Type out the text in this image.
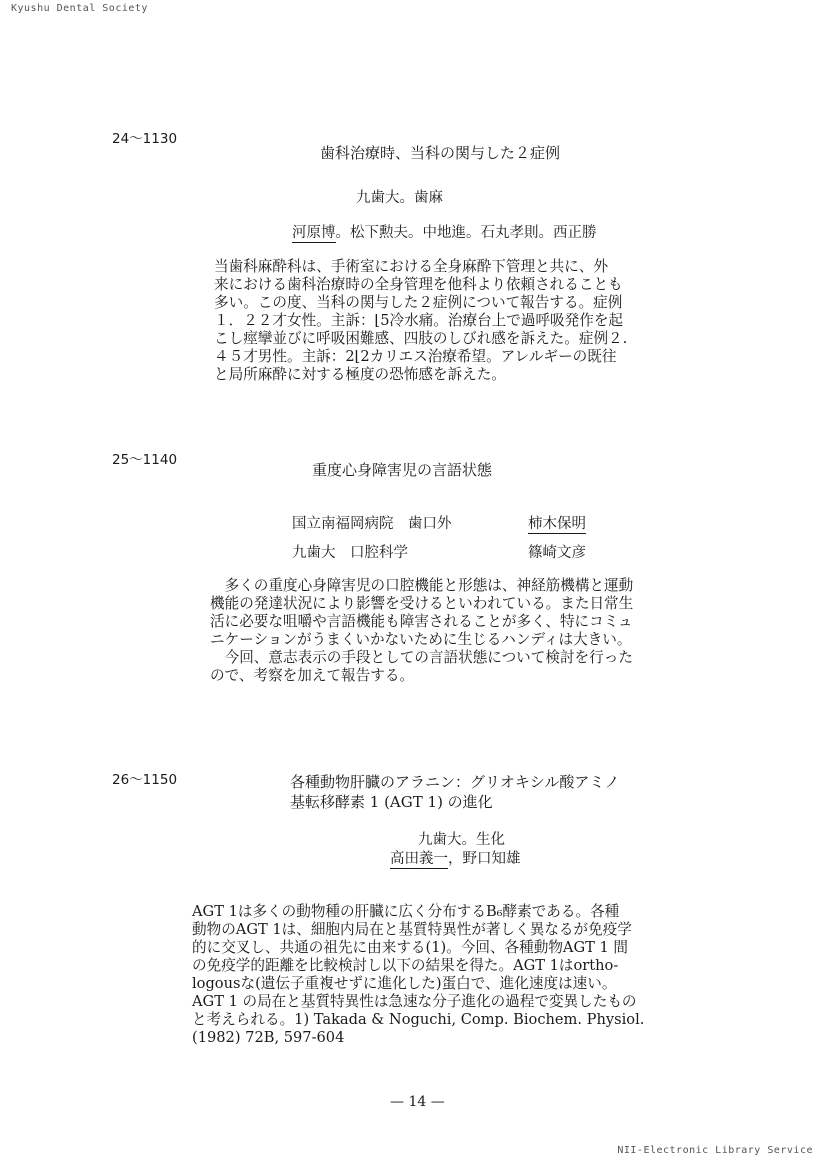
Kyushu Dental Society
24〜1130
歯科治療時、当科の関与した２症例
九歯大。歯麻
河原博。松下勲夫。中地進。石丸孝則。西正勝
当歯科麻酔科は、手術室における全身麻酔下管理と共に、外
来における歯科治療時の全身管理を他科より依頼されることも
多い。この度、当科の関与した２症例について報告する。症例
１．２２才女性。主訴：⌊5冷水痛。治療台上で過呼吸発作を起
こし痙攣並びに呼吸困難感、四肢のしびれ感を訴えた。症例２.
４５才男性。主訴：2⌊2カリエス治療希望。アレルギーの既往
と局所麻酔に対する極度の恐怖感を訴えた。
25〜1140
重度心身障害児の言語状態
国立南福岡病院　歯口外	柿木保明
九歯大　口腔科学	篠崎文彦
　多くの重度心身障害児の口腔機能と形態は、神経筋機構と運動
機能の発達状況により影響を受けるといわれている。また日常生
活に必要な咀嚼や言語機能も障害されることが多く、特にコミュ
ニケーションがうまくいかないために生じるハンディは大きい。
　今回、意志表示の手段としての言語状態について検討を行った
ので、考察を加えて報告する。
26〜1150	各種動物肝臓のアラニン：グリオキシル酸アミノ
基転移酵素 1 (AGT 1) の進化
九歯大。生化
高田義一，野口知雄
AGT 1は多くの動物種の肝臓に広く分布するB₆酵素である。各種
動物のAGT 1は、細胞内局在と基質特異性が著しく異なるが免疫学
的に交叉し、共通の祖先に由来する(1)。今回、各種動物AGT 1 間
の免疫学的距離を比較検討し以下の結果を得た。AGT 1はortho-
logousな(遺伝子重複せずに進化した)蛋白で、進化速度は速い。
AGT 1 の局在と基質特異性は急速な分子進化の過程で変異したもの
と考えられる。1) Takada & Noguchi, Comp. Biochem. Physiol.
(1982) 72B, 597-604
— 14 —
NII-Electronic Library Service
